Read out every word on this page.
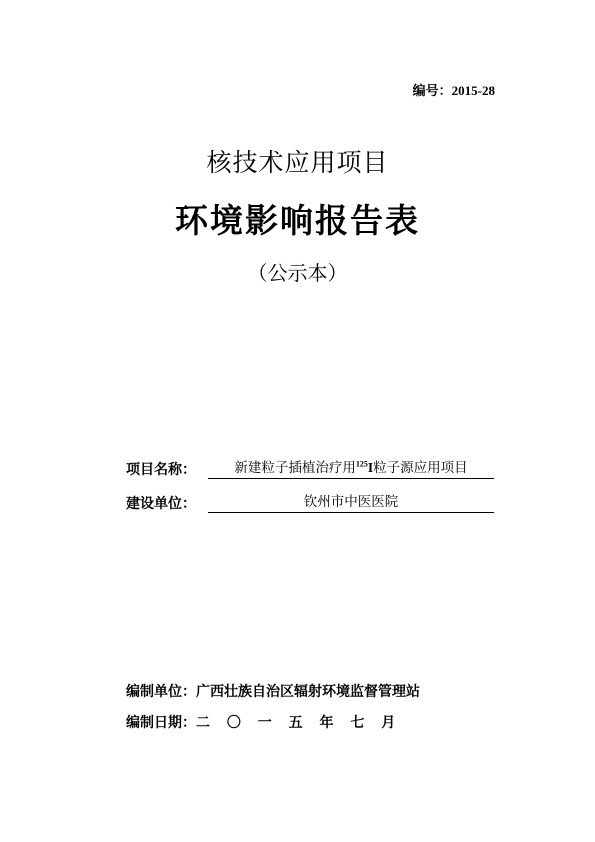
编号：2015-28
核技术应用项目
环境影响报告表
（公示本）
项目名称：	新建粒子插植治疗用$^{125}$I粒子源应用项目
建设单位：	钦州市中医医院
编制单位：广西壮族自治区辐射环境监督管理站
编制日期：二 〇 一 五 年 七 月
